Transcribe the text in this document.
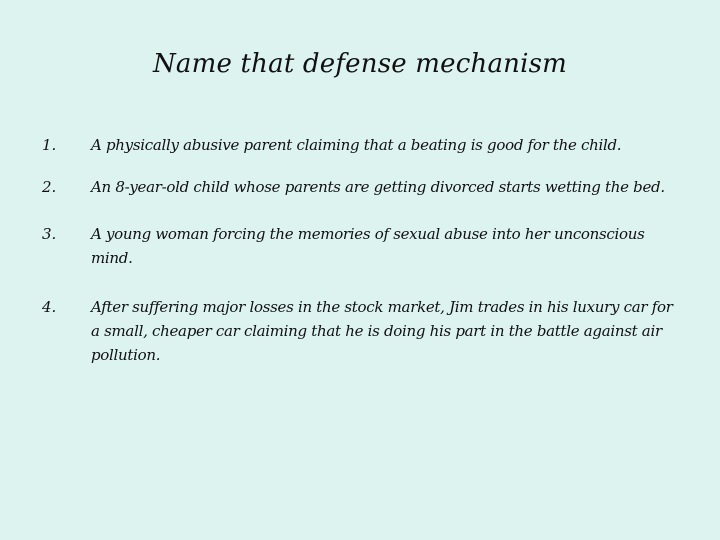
Name that defense mechanism
1. A physically abusive parent claiming that a beating is good for the child.
2. An 8-year-old child whose parents are getting divorced starts wetting the bed.
3. A young woman forcing the memories of sexual abuse into her unconscious mind.
4. After suffering major losses in the stock market, Jim trades in his luxury car for a small, cheaper car claiming that he is doing his part in the battle against air pollution.
